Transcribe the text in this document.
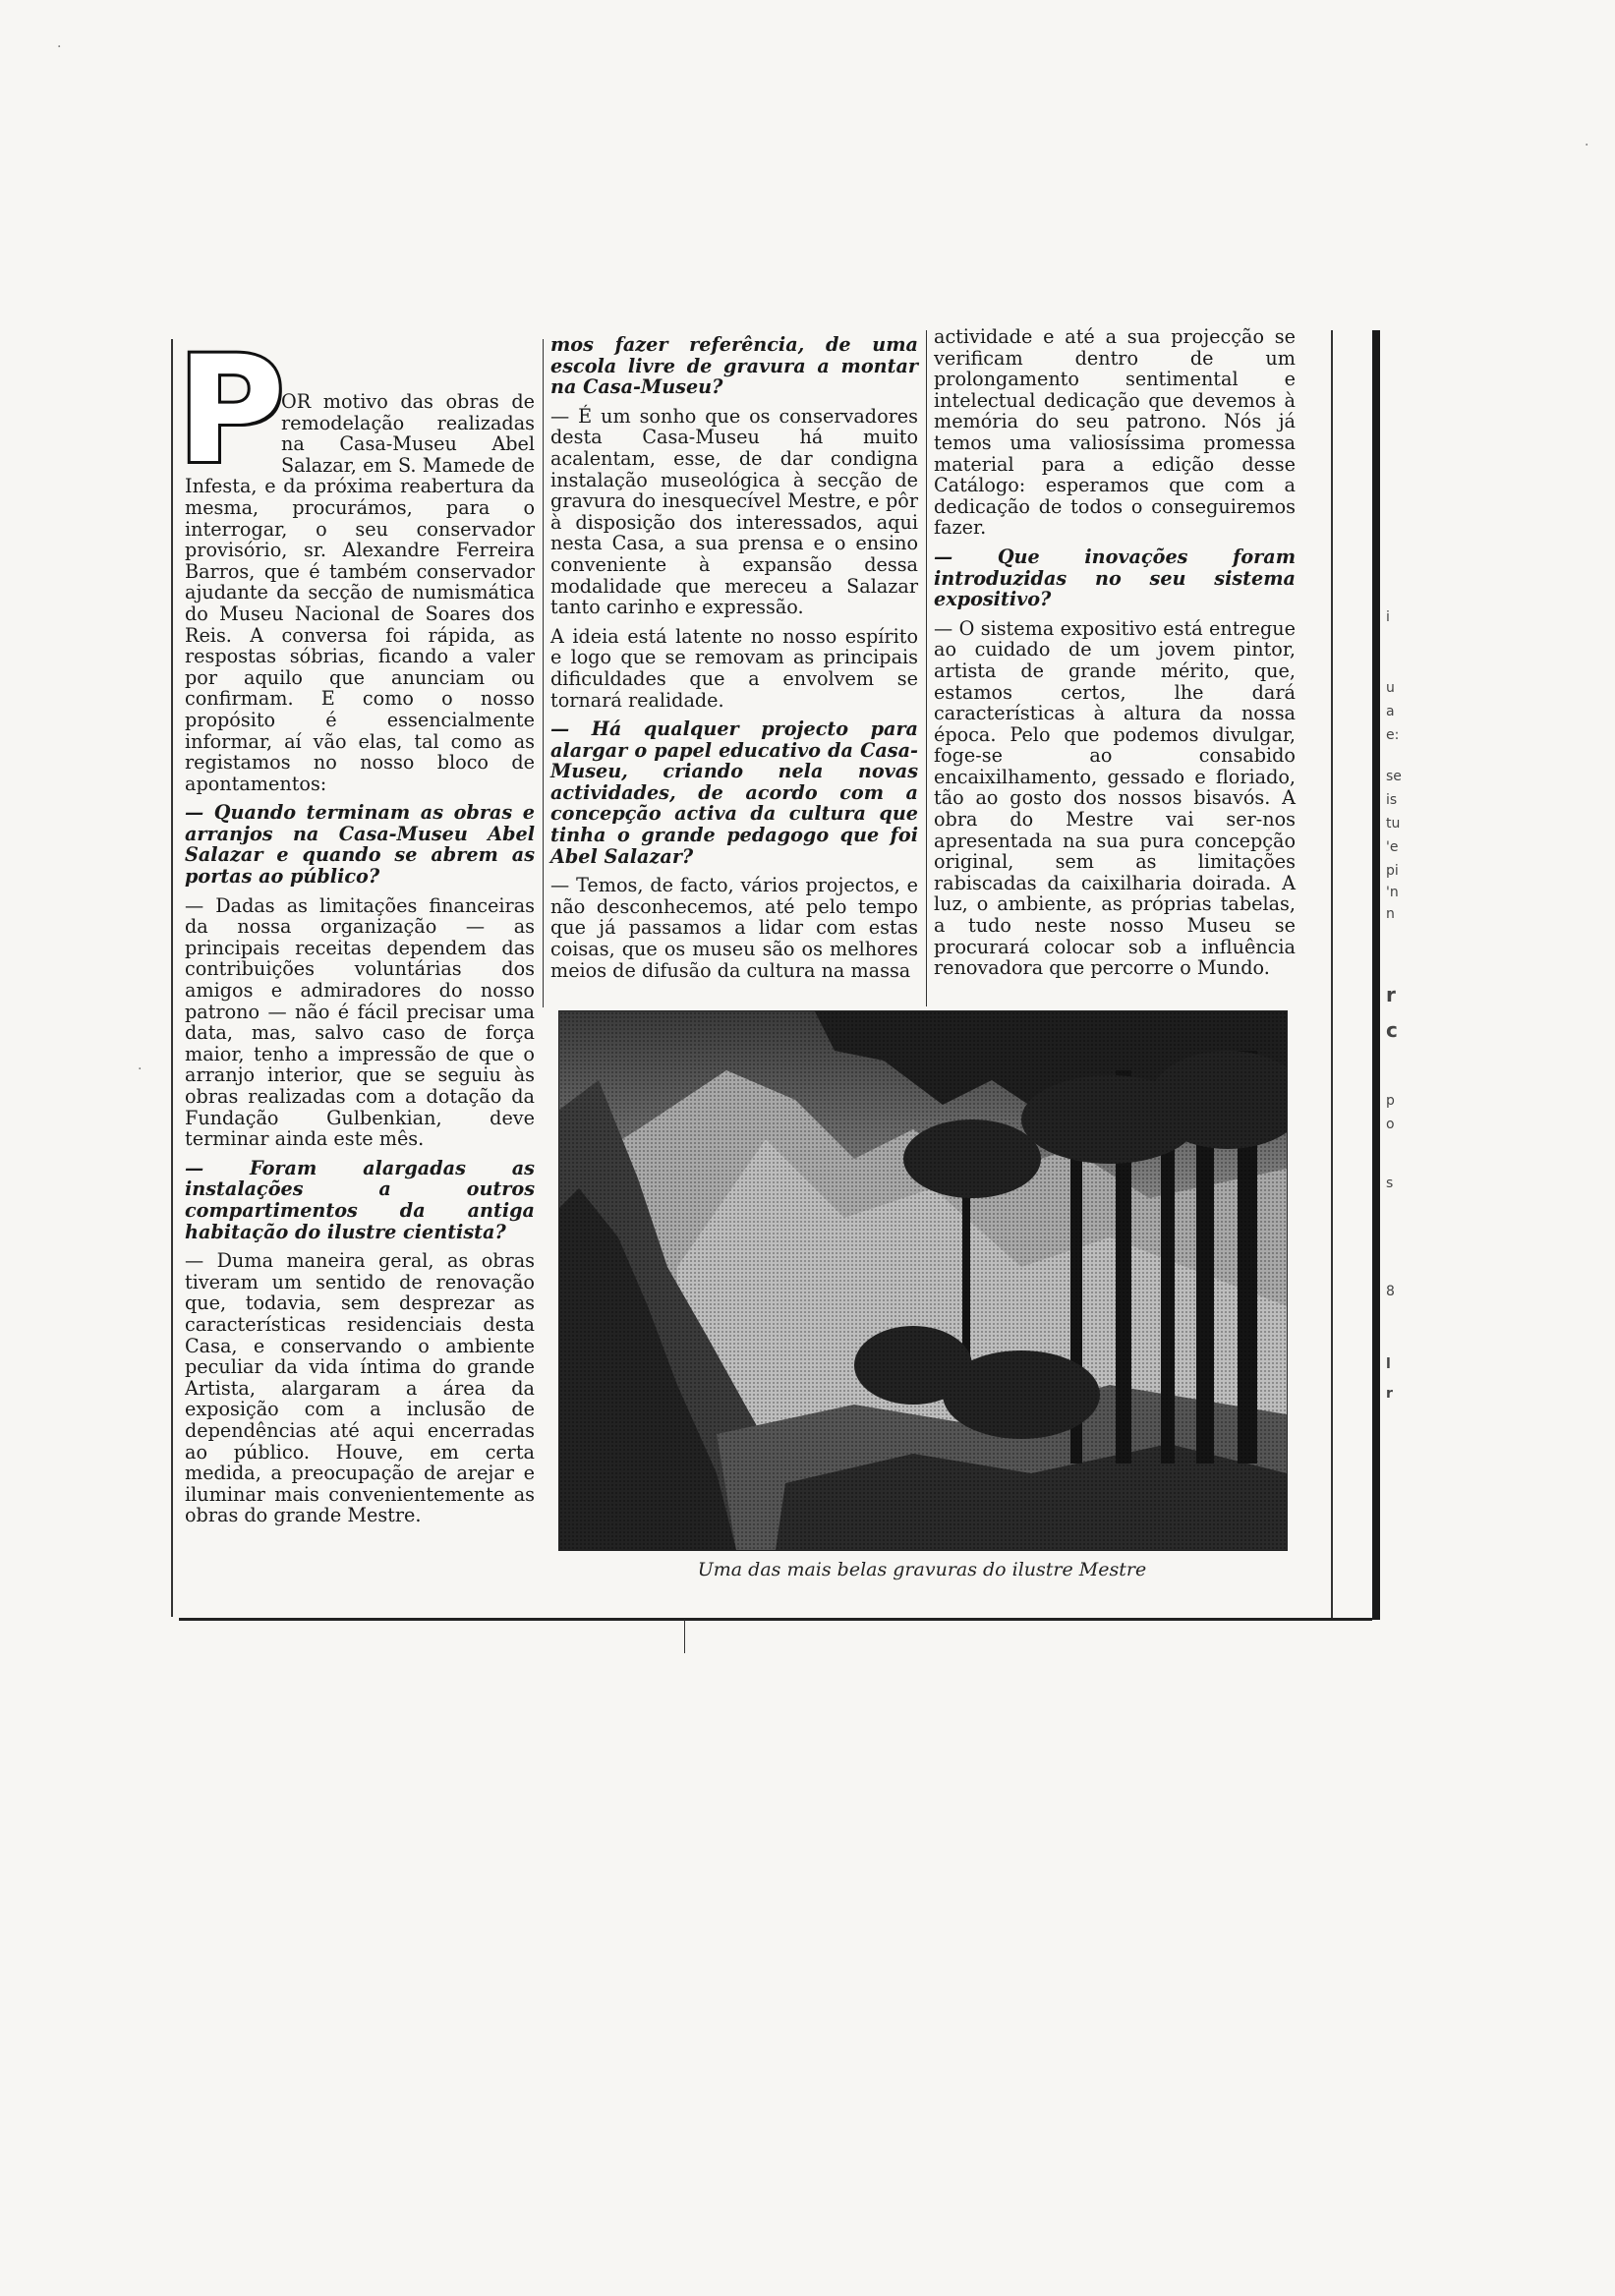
P

OR motivo das obras de remodelação realizadas na Casa-Museu Abel Salazar, em S. Mamede de Infesta, e da próxima reabertura da mesma, procurámos, para o interrogar, o seu conservador provisório, sr. Alexandre Ferreira Barros, que é também conservador ajudante da secção de numismática do Museu Nacional de Soares dos Reis. A conversa foi rápida, as respostas sóbrias, ficando a valer por aquilo que anunciam ou confirmam. E como o nosso propósito é essencialmente informar, aí vão elas, tal como as registamos no nosso bloco de apontamentos:

— Quando terminam as obras e arranjos na Casa-Museu Abel Salazar e quando se abrem as portas ao público?

— Dadas as limitações financeiras da nossa organização — as principais receitas dependem das contribuições voluntárias dos amigos e admiradores do nosso patrono — não é fácil precisar uma data, mas, salvo caso de força maior, tenho a impressão de que o arranjo interior, que se seguiu às obras realizadas com a dotação da Fundação Gulbenkian, deve terminar ainda este mês.

— Foram alargadas as instalações a outros compartimentos da antiga habitação do ilustre cientista?

— Duma maneira geral, as obras tiveram um sentido de renovação que, todavia, sem desprezar as características residenciais desta Casa, e conservando o ambiente peculiar da vida íntima do grande Artista, alargaram a área da exposição com a inclusão de dependências até aqui encerradas ao público. Houve, em certa medida, a preocupação de arejar e iluminar mais convenientemente as obras do grande Mestre.

mos fazer referência, de uma escola livre de gravura a montar na Casa-Museu?

— É um sonho que os conservadores desta Casa-Museu há muito acalentam, esse, de dar condigna instalação museológica à secção de gravura do inesquecível Mestre, e pôr à disposição dos interessados, aqui nesta Casa, a sua prensa e o ensino conveniente à expansão dessa modalidade que mereceu a Salazar tanto carinho e expressão.

A ideia está latente no nosso espírito e logo que se removam as principais dificuldades que a envolvem se tornará realidade.

— Há qualquer projecto para alargar o papel educativo da Casa-Museu, criando nela novas actividades, de acordo com a concepção activa da cultura que tinha o grande pedagogo que foi Abel Salazar?

— Temos, de facto, vários projectos, e não desconhecemos, até pelo tempo que já passamos a lidar com estas coisas, que os museu são os melhores meios de difusão da cultura na massa

actividade e até a sua projecção se verificam dentro de um prolongamento sentimental e intelectual dedicação que devemos à memória do seu patrono. Nós já temos uma valiosíssima promessa material para a edição desse Catálogo: esperamos que com a dedicação de todos o conseguiremos fazer.

— Que inovações foram introduzidas no seu sistema expositivo?

— O sistema expositivo está entregue ao cuidado de um jovem pintor, artista de grande mérito, que, estamos certos, lhe dará características à altura da nossa época. Pelo que podemos divulgar, foge-se ao consabido encaixilhamento, gessado e floriado, tão ao gosto dos nossos bisavós. A obra do Mestre vai ser-nos apresentada na sua pura concepção original, sem as limitações rabiscadas da caixilharia doirada. A luz, o ambiente, as próprias tabelas, a tudo neste nosso Museu se procurará colocar sob a influência renovadora que percorre o Mundo.

Uma das mais belas gravuras do ilustre Mestre
i
u
a
e:
se
is
tu
'e
pi
'n
n
r
c
p
o
s
8
l
r
·
·
·
